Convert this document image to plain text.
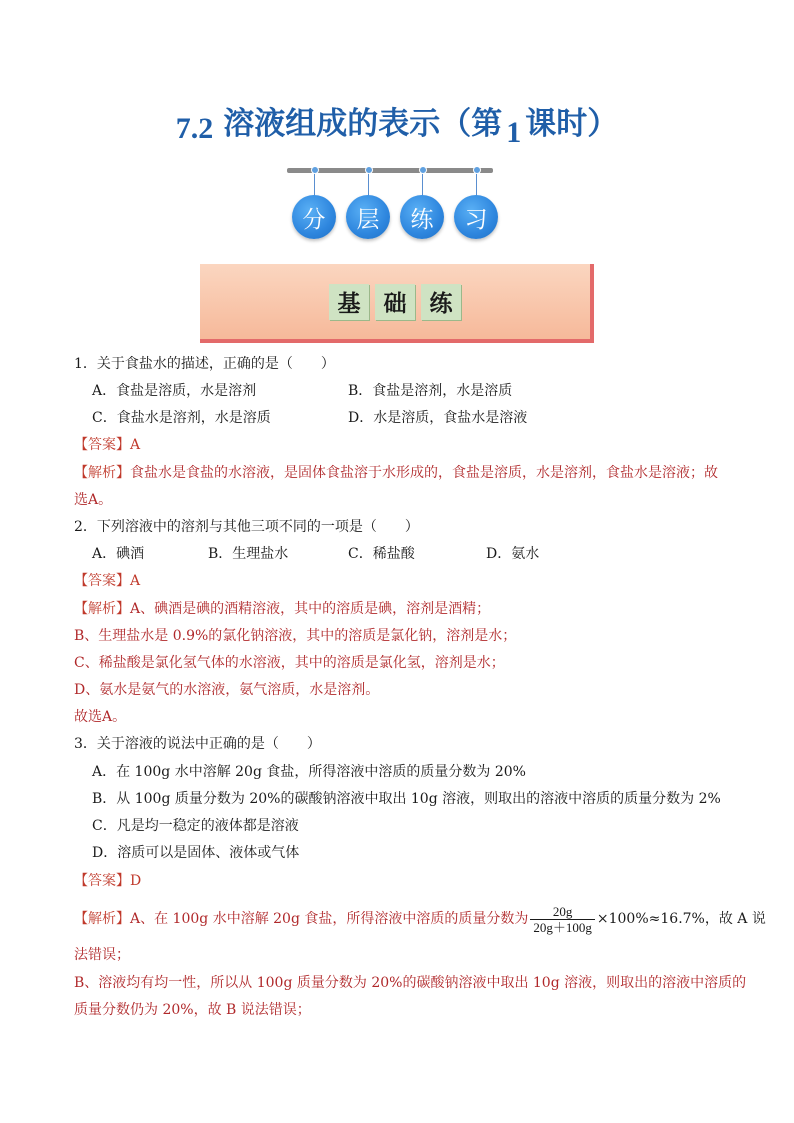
7.2 溶液组成的表示（第 1 课时）
分	层	练	习
基	础	练
1．关于食盐水的描述，正确的是（　　）
A．食盐是溶质，水是溶剂	B．食盐是溶剂，水是溶质
C．食盐水是溶剂，水是溶质	D．水是溶质，食盐水是溶液
【答案】A
【解析】食盐水是食盐的水溶液，是固体食盐溶于水形成的，食盐是溶质，水是溶剂，食盐水是溶液；故
选A。
2．下列溶液中的溶剂与其他三项不同的一项是（　　）
A．碘酒	B．生理盐水	C．稀盐酸	D．氨水
【答案】A
【解析】A、碘酒是碘的酒精溶液，其中的溶质是碘，溶剂是酒精；
B、生理盐水是 0.9%的氯化钠溶液，其中的溶质是氯化钠，溶剂是水；
C、稀盐酸是氯化氢气体的水溶液，其中的溶质是氯化氢，溶剂是水；
D、氨水是氨气的水溶液，氨气溶质，水是溶剂。
故选A。
3．关于溶液的说法中正确的是（　　）
A．在 100g 水中溶解 20g 食盐，所得溶液中溶质的质量分数为 20%
B．从 100g 质量分数为 20%的碳酸钠溶液中取出 10g 溶液，则取出的溶液中溶质的质量分数为 2%
C．凡是均一稳定的液体都是溶液
D．溶质可以是固体、液体或气体
【答案】D
【解析】A、在 100g 水中溶解 20g 食盐，所得溶液中溶质的质量分数为 $\frac{20g}{20g+100g} \times 100\%\approx 16.7\%$，故 A 说
法错误；
B、溶液均有均一性，所以从 100g 质量分数为 20%的碳酸钠溶液中取出 10g 溶液，则取出的溶液中溶质的
质量分数仍为 20%，故 B 说法错误；
